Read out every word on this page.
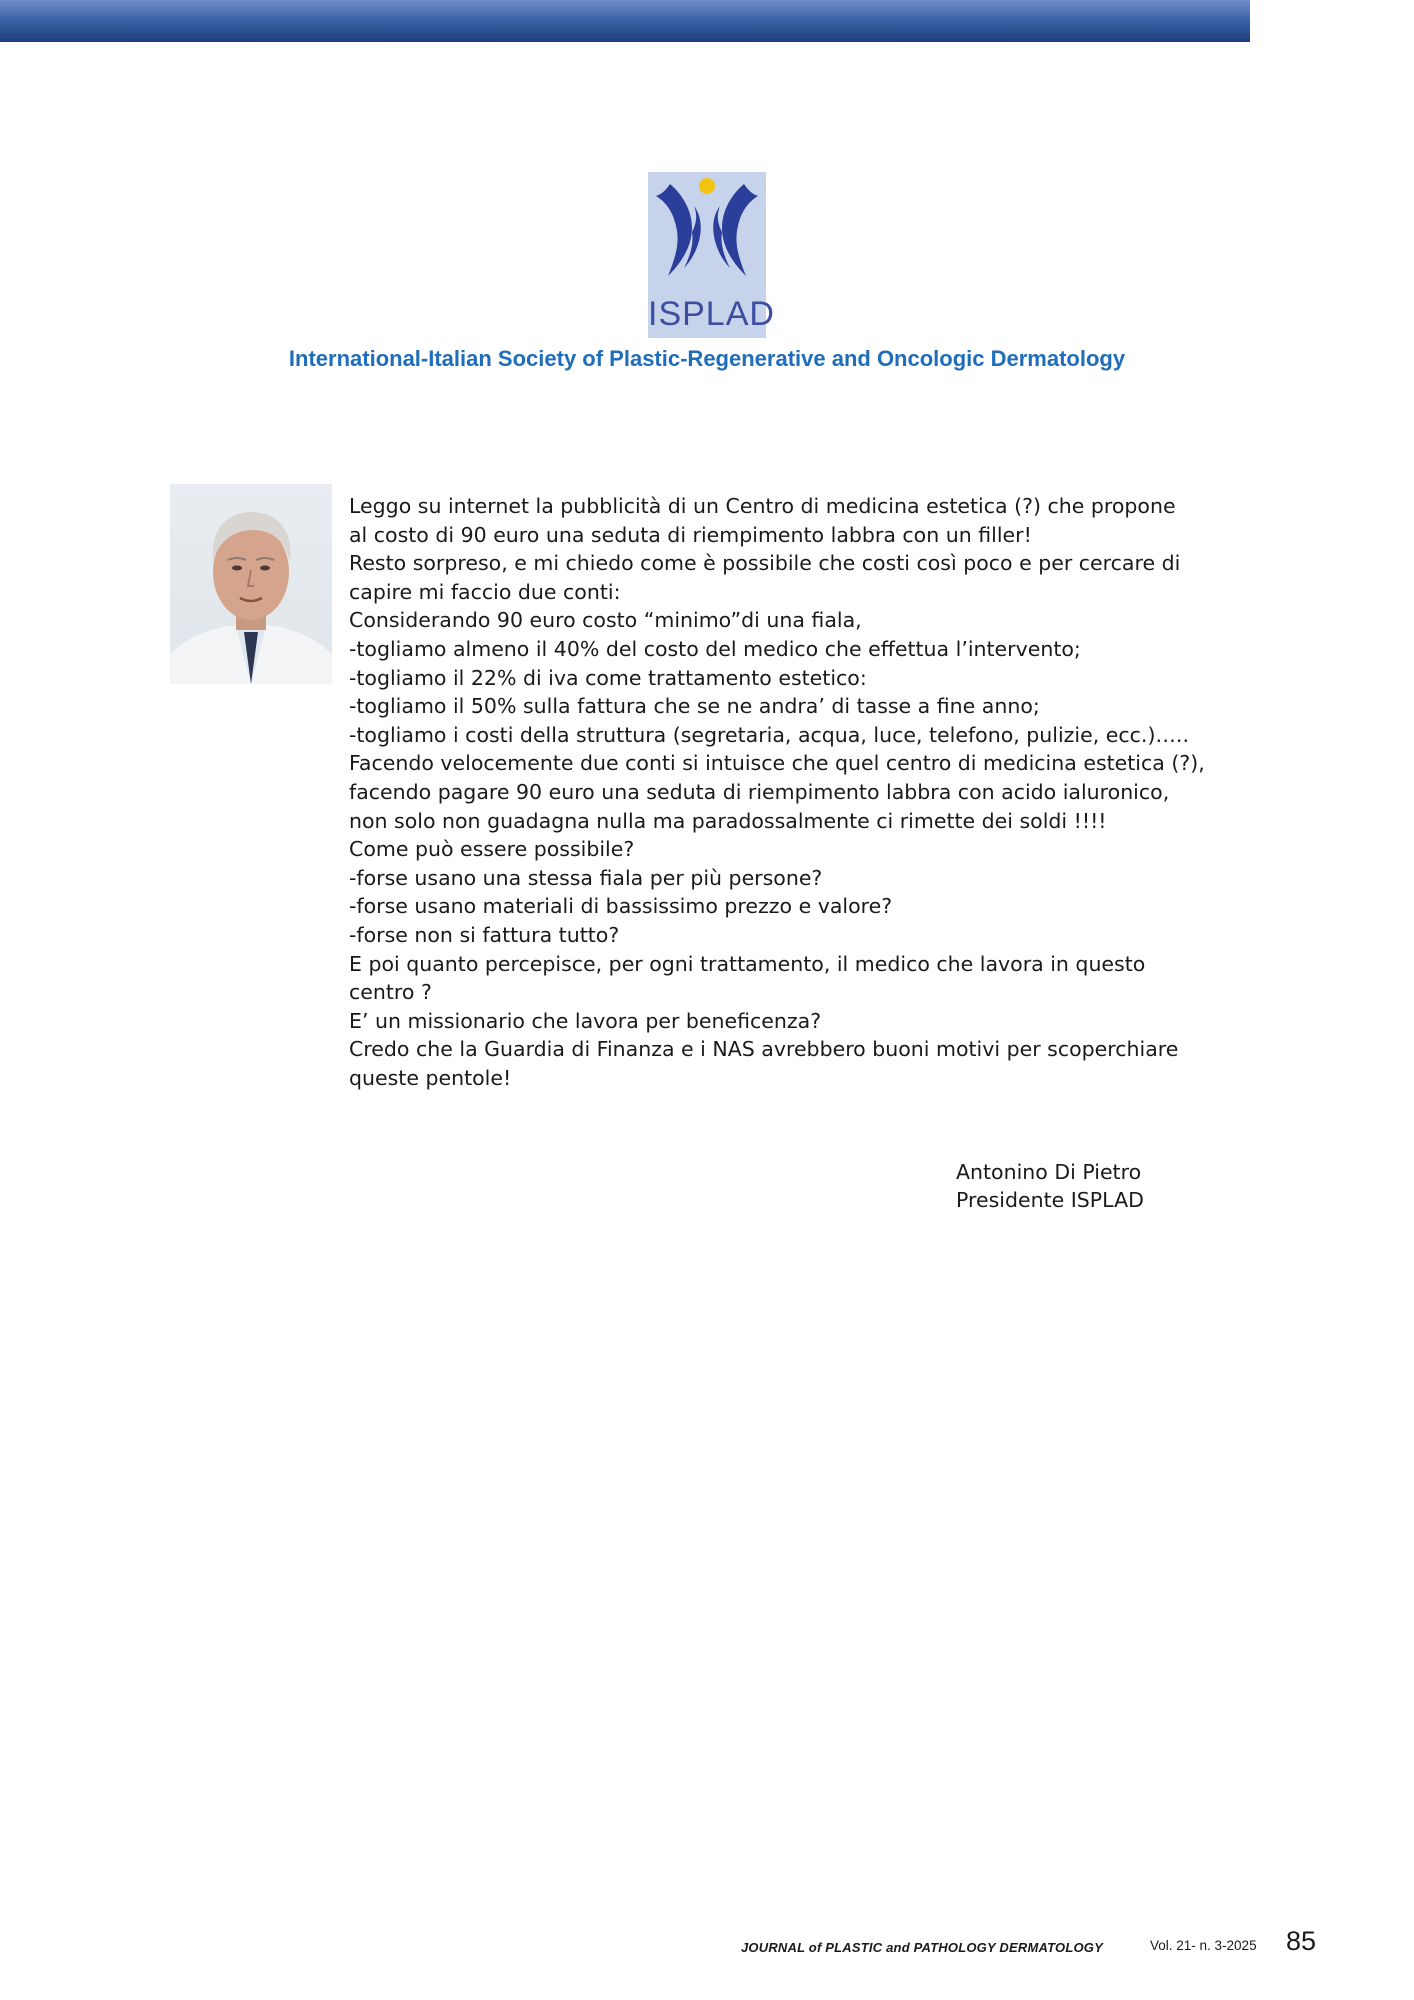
ISPLAD
International-Italian Society of Plastic-Regenerative and Oncologic Dermatology
Leggo su internet la pubblicità di un Centro di medicina estetica (?) che propone
al costo di 90 euro una seduta di riempimento labbra con un filler!
Resto sorpreso, e mi chiedo come è possibile che costi così poco e per cercare di
capire mi faccio due conti:
Considerando 90 euro costo “minimo”di una fiala,
-togliamo almeno il 40% del costo del medico che effettua l’intervento;
-togliamo il 22% di iva come trattamento estetico:
-togliamo il 50% sulla fattura che se ne andra’ di tasse a fine anno;
-togliamo i costi della struttura (segretaria, acqua, luce, telefono, pulizie, ecc.)…..
Facendo velocemente due conti si intuisce che quel centro di medicina estetica (?),
facendo pagare 90 euro una seduta di riempimento labbra con acido ialuronico,
non solo non guadagna nulla ma paradossalmente ci rimette dei soldi !!!!
Come può essere possibile?
-forse usano una stessa fiala per più persone?
-forse usano materiali di bassissimo prezzo e valore?
-forse non si fattura tutto?
E poi quanto percepisce, per ogni trattamento, il medico che lavora in questo
centro ?
E’ un missionario che lavora per beneficenza?
Credo che la Guardia di Finanza e i NAS avrebbero buoni motivi per scoperchiare
queste pentole!
Antonino Di Pietro
Presidente ISPLAD
JOURNAL of PLASTIC and PATHOLOGY DERMATOLOGY	Vol. 21- n. 3-2025 85
